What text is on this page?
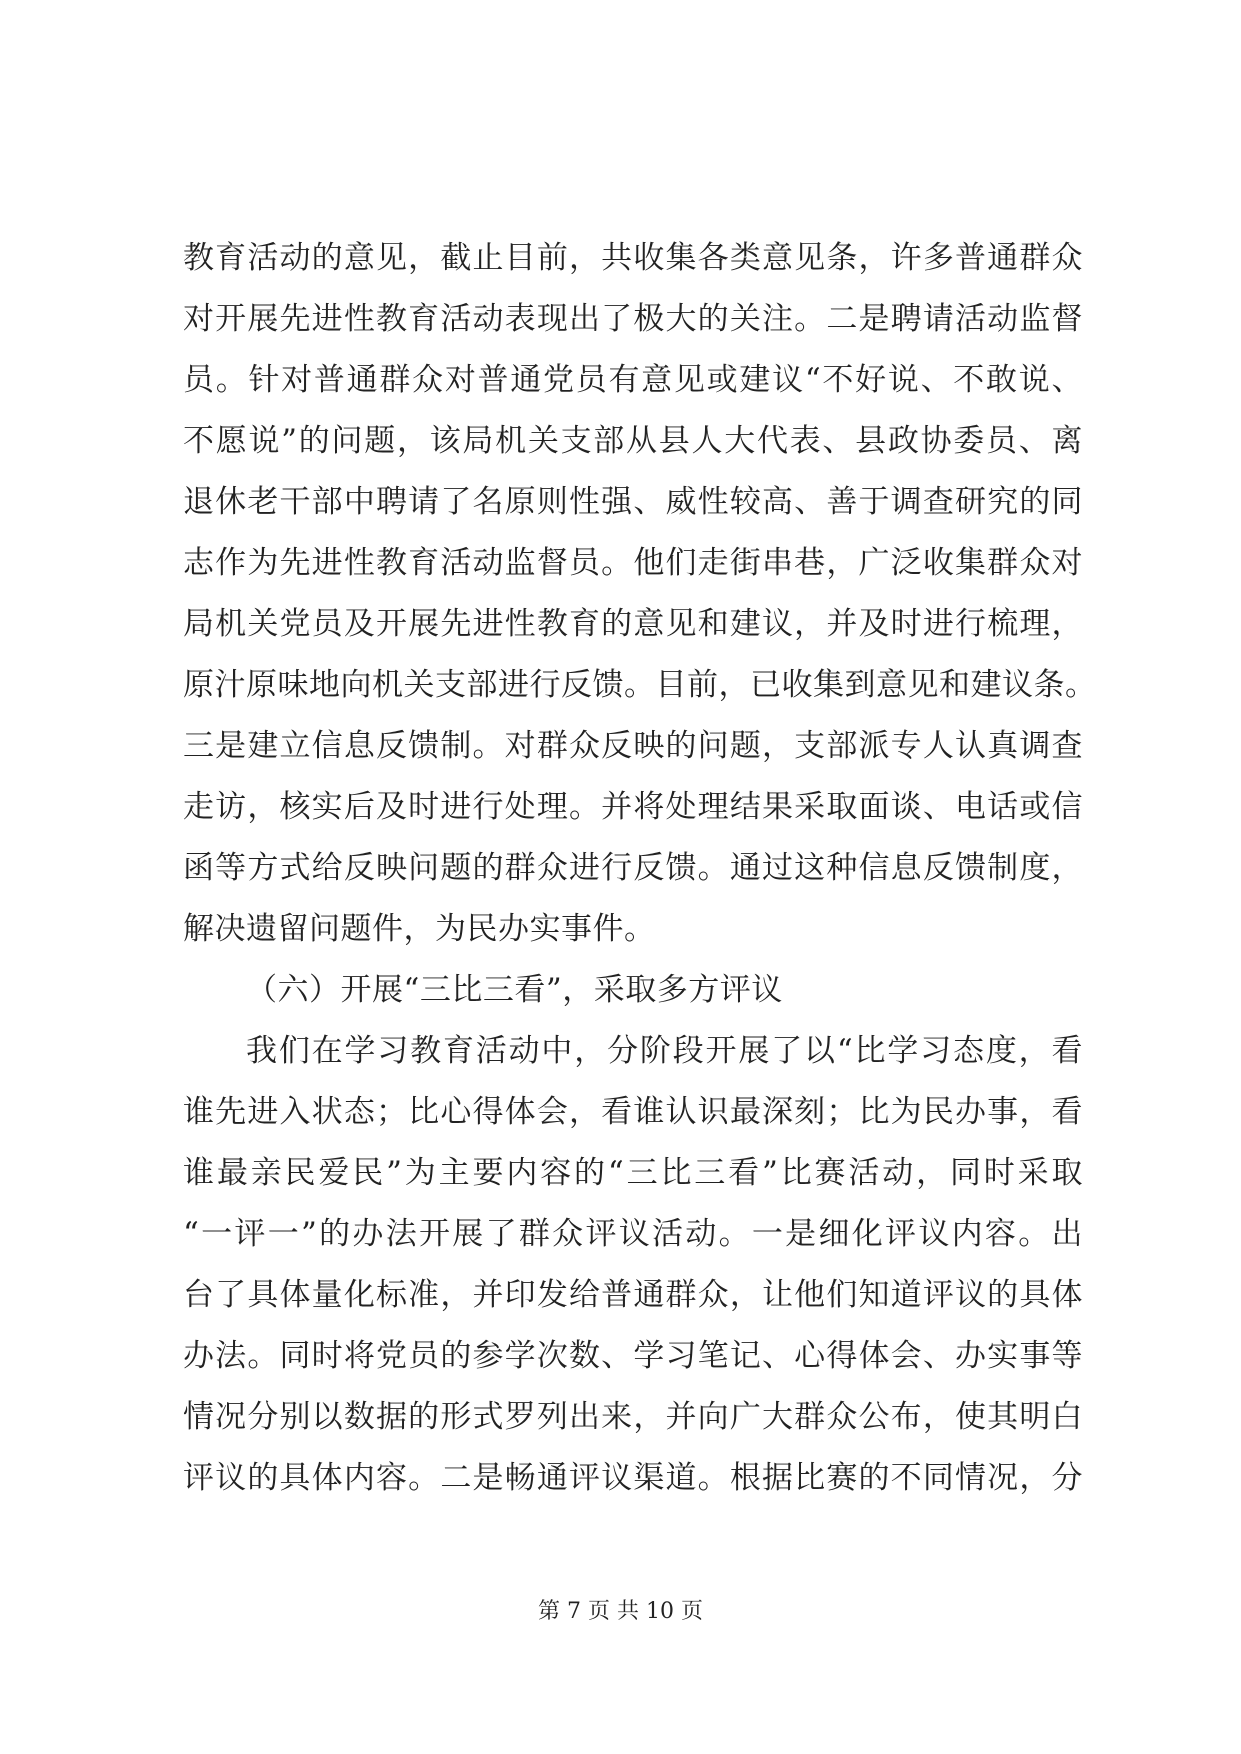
教育活动的意见，截止目前，共收集各类意见条，许多普通群众
对开展先进性教育活动表现出了极大的关注。二是聘请活动监督
员。针对普通群众对普通党员有意见或建议“不好说、不敢说、
不愿说”的问题，该局机关支部从县人大代表、县政协委员、离
退休老干部中聘请了名原则性强、威性较高、善于调查研究的同
志作为先进性教育活动监督员。他们走街串巷，广泛收集群众对
局机关党员及开展先进性教育的意见和建议，并及时进行梳理，
原汁原味地向机关支部进行反馈。目前，已收集到意见和建议条。
三是建立信息反馈制。对群众反映的问题，支部派专人认真调查
走访，核实后及时进行处理。并将处理结果采取面谈、电话或信
函等方式给反映问题的群众进行反馈。通过这种信息反馈制度，
解决遗留问题件，为民办实事件。
（六）开展“三比三看”，采取多方评议
我们在学习教育活动中，分阶段开展了以“比学习态度，看
谁先进入状态；比心得体会，看谁认识最深刻；比为民办事，看
谁最亲民爱民”为主要内容的“三比三看”比赛活动，同时采取
“一评一”的办法开展了群众评议活动。一是细化评议内容。出
台了具体量化标准，并印发给普通群众，让他们知道评议的具体
办法。同时将党员的参学次数、学习笔记、心得体会、办实事等
情况分别以数据的形式罗列出来，并向广大群众公布，使其明白
评议的具体内容。二是畅通评议渠道。根据比赛的不同情况，分
第 7 页 共 10 页
